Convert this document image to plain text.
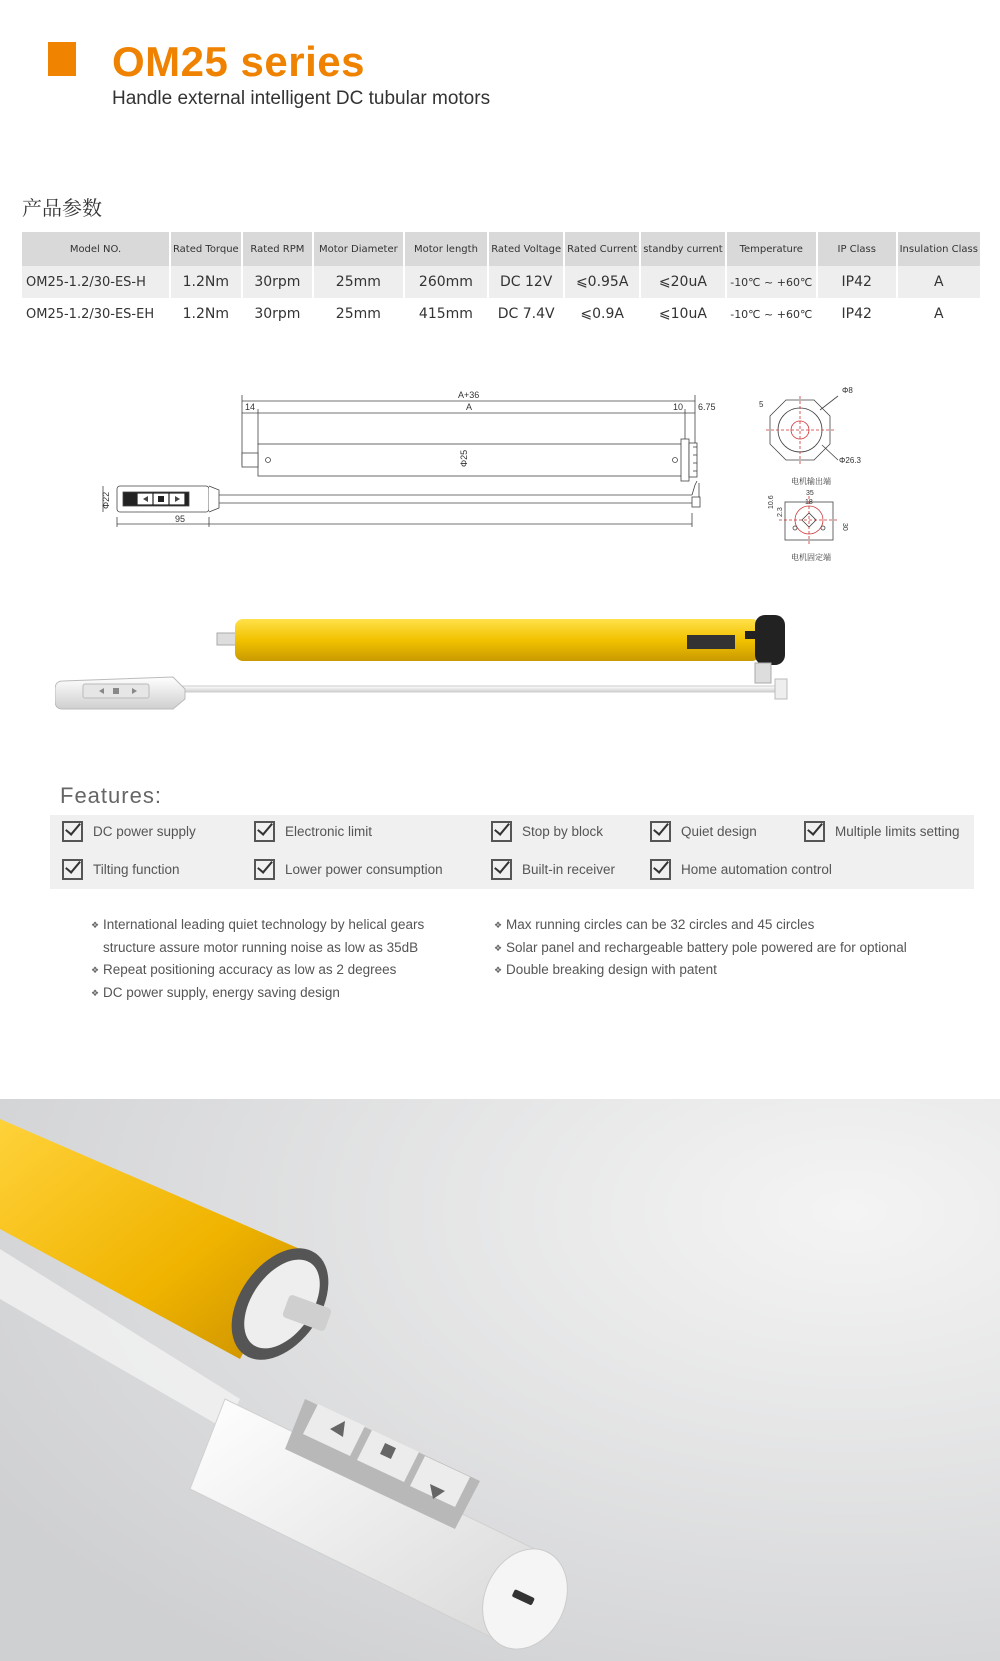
OM25 series
Handle external intelligent DC tubular motors
产品参数
Model NO.	Rated Torque	Rated RPM	Motor Diameter	Motor length	Rated Voltage	Rated Current	standby current	Temperature	IP Class	Insulation Class
OM25-1.2/30-ES-H	1.2Nm	30rpm	25mm	260mm	DC 12V	⩽0.95A	⩽20uA	-10℃ ~ +60℃	IP42	A
OM25-1.2/30-ES-EH	1.2Nm	30rpm	25mm	415mm	DC 7.4V	⩽0.9A	⩽10uA	-10℃ ~ +60℃	IP42	A
A+36
A
14	10 6.75
Φ25
Φ22
95
Φ8
Φ26.3
5
电机输出端
35
18
10.6
2.3
30
电机固定端
Features:
DC power supply	Electronic limit	Stop by block	Quiet design	Multiple limits setting
Tilting function	Lower power consumption	Built-in receiver	Home automation control
❖ International leading quiet technology by helical gears
structure assure motor running noise as low as 35dB
❖ Repeat positioning accuracy as low as 2 degrees
❖ DC power supply, energy saving design
❖ Max running circles can be 32 circles and 45 circles
❖ Solar panel and rechargeable battery pole powered are for optional
❖ Double breaking design with patent
